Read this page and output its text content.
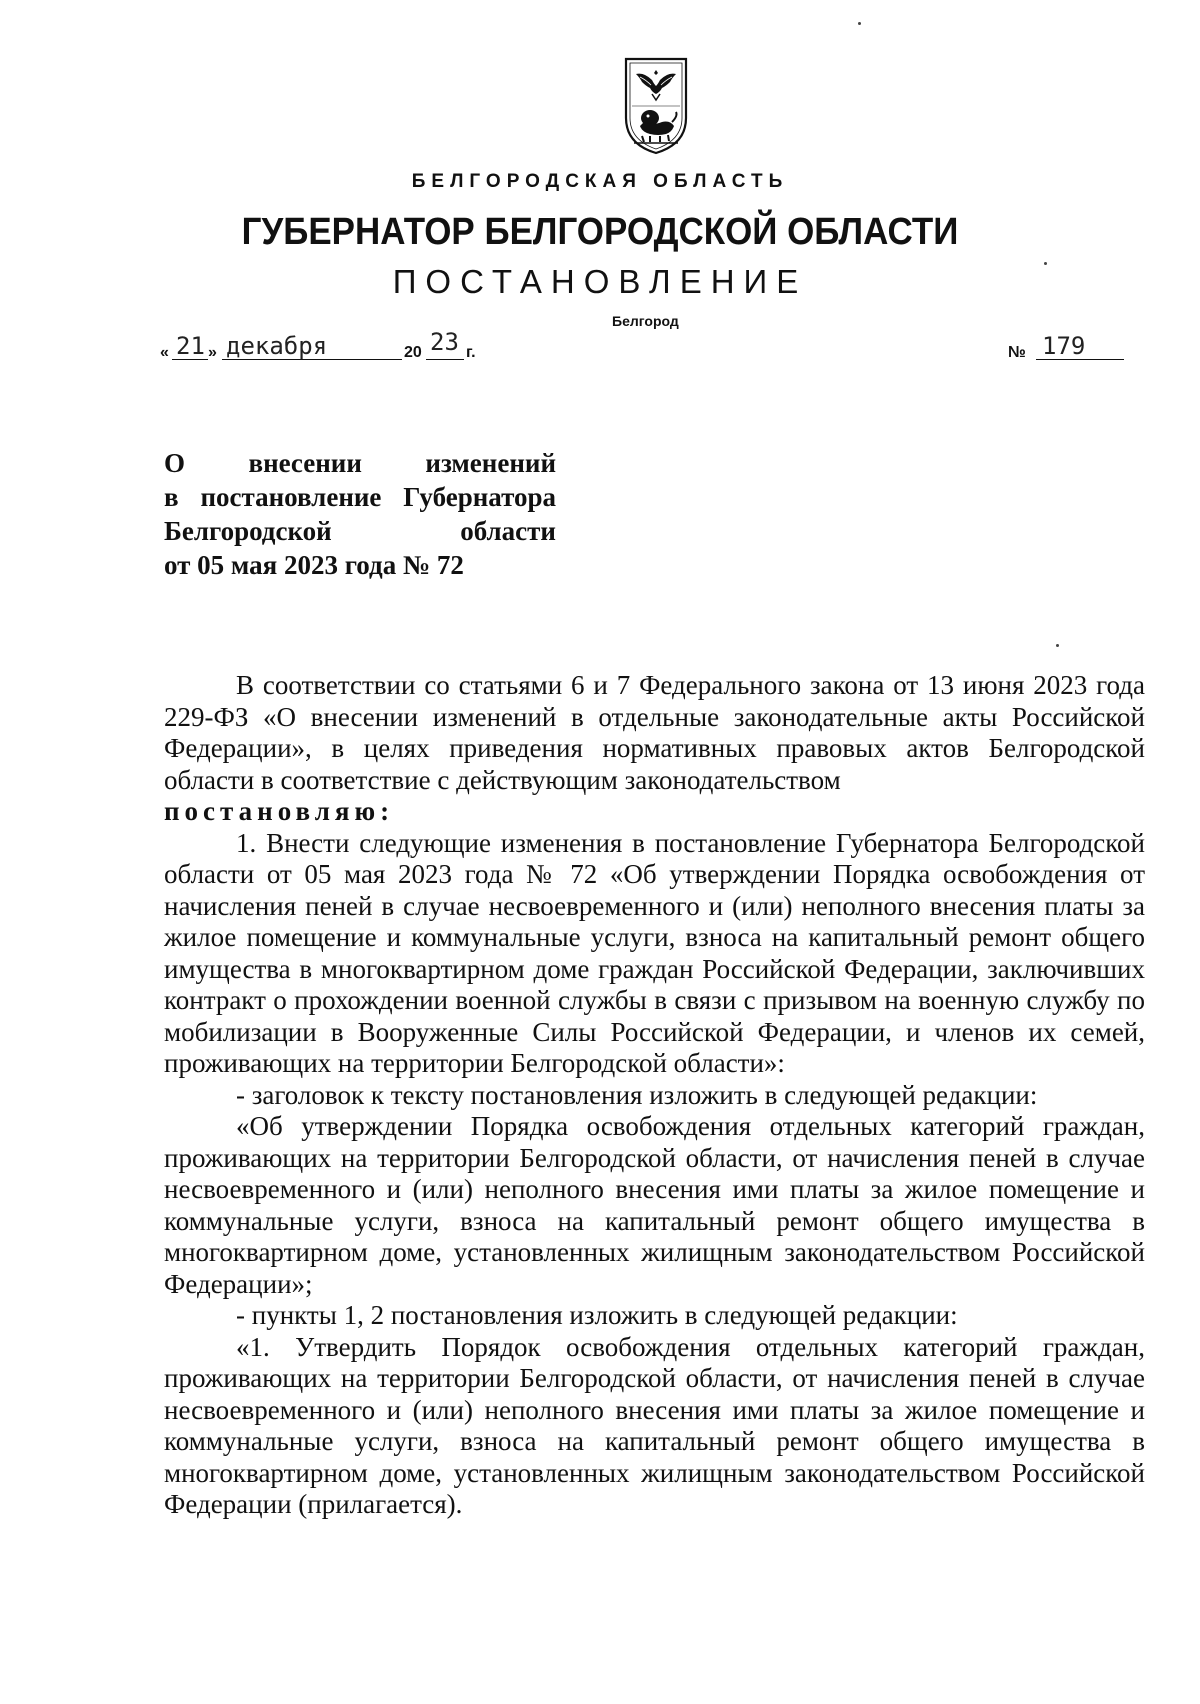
БЕЛГОРОДСКАЯ ОБЛАСТЬ
ГУБЕРНАТОР БЕЛГОРОДСКОЙ ОБЛАСТИ
ПОСТАНОВЛЕНИЕ
Белгород
« 21 » декабря	20 23 г.	№ 179
О внесении изменений
в постановление Губернатора
Белгородской области
от 05 мая 2023 года № 72

В соответствии со статьями 6 и 7 Федерального закона от 13 июня 2023 года 229-ФЗ «О внесении изменений в отдельные законодательные акты Российской Федерации», в целях приведения нормативных правовых актов Белгородской области в соответствие с действующим законодательством

постановляю:

1. Внести следующие изменения в постановление Губернатора Белгородской области от 05 мая 2023 года № 72 «Об утверждении Порядка освобождения от начисления пеней в случае несвоевременного и (или) неполного внесения платы за жилое помещение и коммунальные услуги, взноса на капитальный ремонт общего имущества в многоквартирном доме граждан Российской Федерации, заключивших контракт о прохождении военной службы в связи с призывом на военную службу по мобилизации в Вооруженные Силы Российской Федерации, и членов их семей, проживающих на территории Белгородской области»:

- заголовок к тексту постановления изложить в следующей редакции:

«Об утверждении Порядка освобождения отдельных категорий граждан, проживающих на территории Белгородской области, от начисления пеней в случае несвоевременного и (или) неполного внесения ими платы за жилое помещение и коммунальные услуги, взноса на капитальный ремонт общего имущества в многоквартирном доме, установленных жилищным законодательством Российской Федерации»;

- пункты 1, 2 постановления изложить в следующей редакции:

«1. Утвердить Порядок освобождения отдельных категорий граждан, проживающих на территории Белгородской области, от начисления пеней в случае несвоевременного и (или) неполного внесения ими платы за жилое помещение и коммунальные услуги, взноса на капитальный ремонт общего имущества в многоквартирном доме, установленных жилищным законодательством Российской Федерации (прилагается).
